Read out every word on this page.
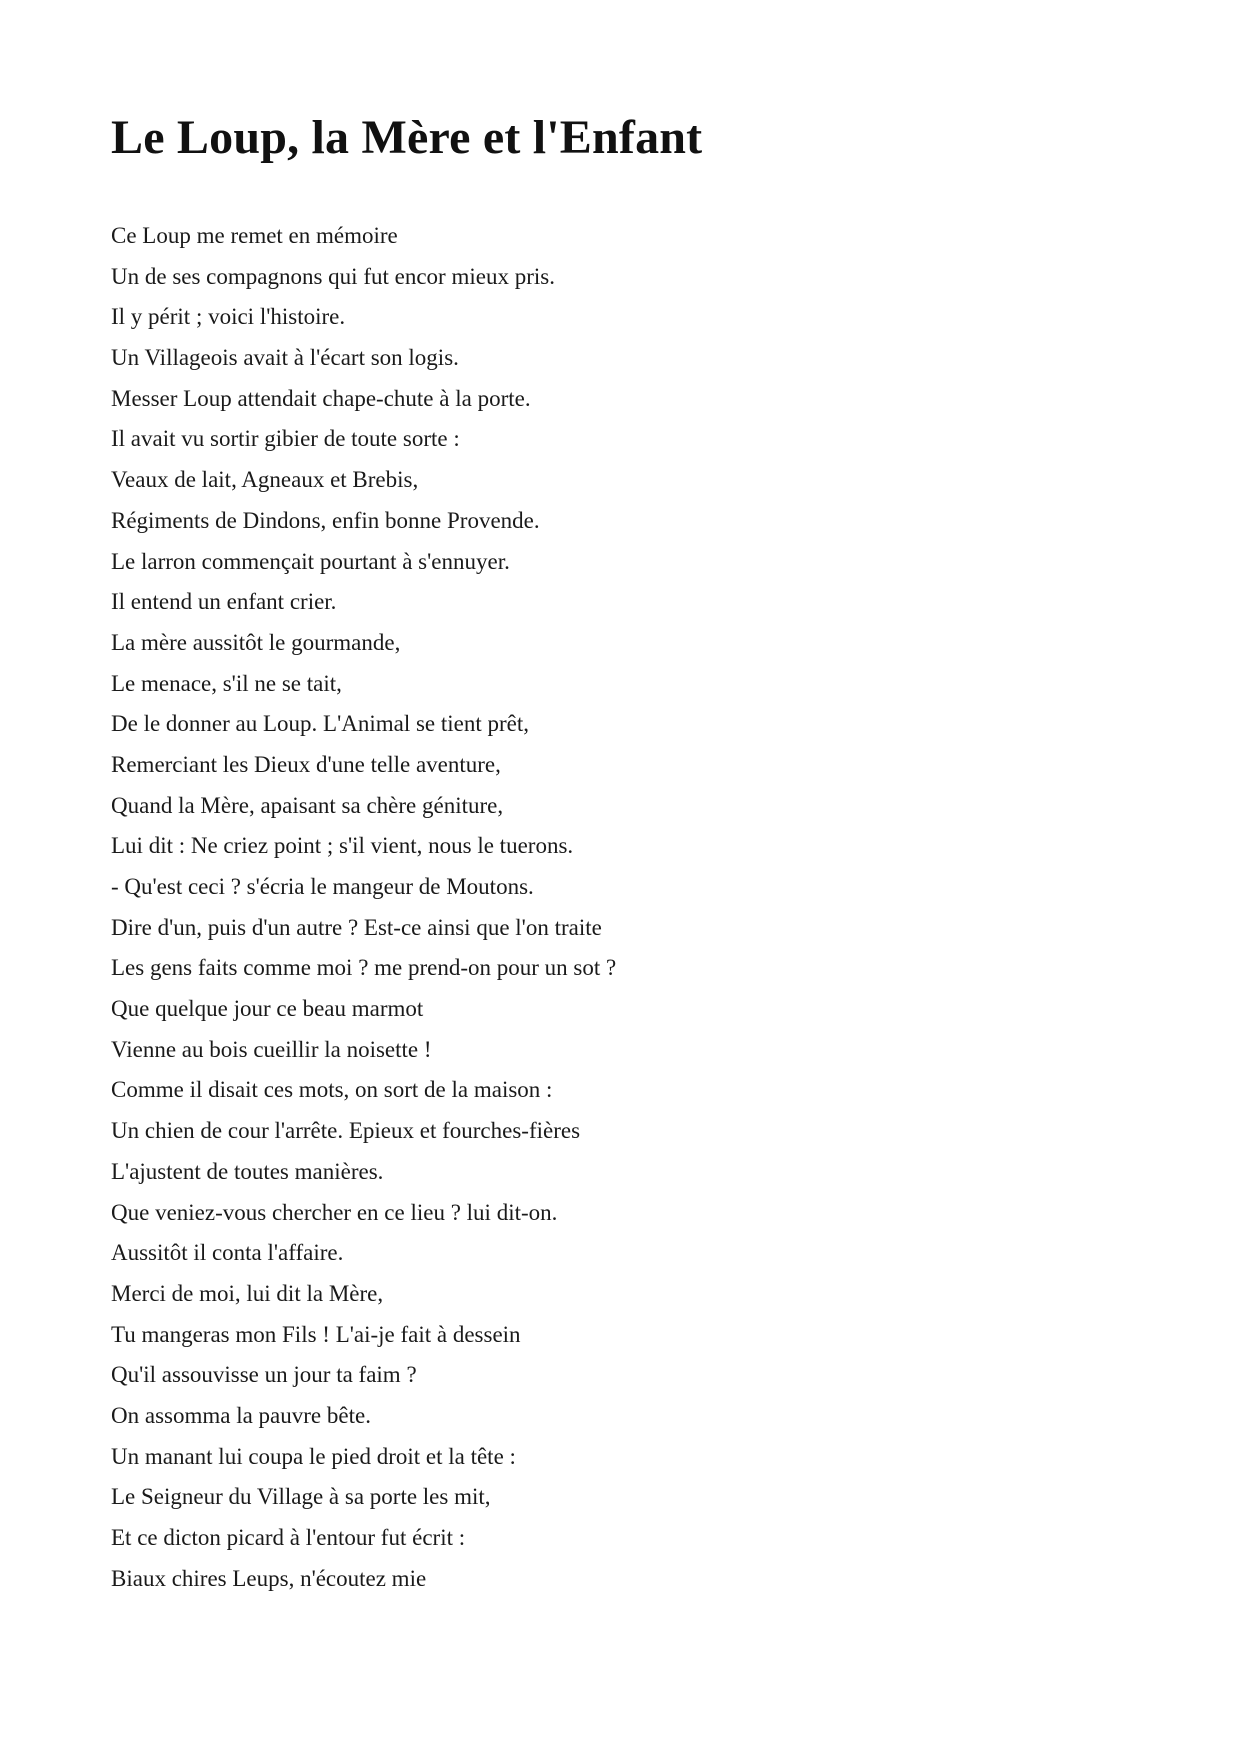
Le Loup, la Mère et l'Enfant
Ce Loup me remet en mémoire
Un de ses compagnons qui fut encor mieux pris.
Il y périt ; voici l'histoire.
Un Villageois avait à l'écart son logis.
Messer Loup attendait chape-chute à la porte.
Il avait vu sortir gibier de toute sorte :
Veaux de lait, Agneaux et Brebis,
Régiments de Dindons, enfin bonne Provende.
Le larron commençait pourtant à s'ennuyer.
Il entend un enfant crier.
La mère aussitôt le gourmande,
Le menace, s'il ne se tait,
De le donner au Loup. L'Animal se tient prêt,
Remerciant les Dieux d'une telle aventure,
Quand la Mère, apaisant sa chère géniture,
Lui dit : Ne criez point ; s'il vient, nous le tuerons.
- Qu'est ceci ? s'écria le mangeur de Moutons.
Dire d'un, puis d'un autre ? Est-ce ainsi que l'on traite
Les gens faits comme moi ? me prend-on pour un sot ?
Que quelque jour ce beau marmot
Vienne au bois cueillir la noisette !
Comme il disait ces mots, on sort de la maison :
Un chien de cour l'arrête. Epieux et fourches-fières
L'ajustent de toutes manières.
Que veniez-vous chercher en ce lieu ? lui dit-on.
Aussitôt il conta l'affaire.
Merci de moi, lui dit la Mère,
Tu mangeras mon Fils ! L'ai-je fait à dessein
Qu'il assouvisse un jour ta faim ?
On assomma la pauvre bête.
Un manant lui coupa le pied droit et la tête :
Le Seigneur du Village à sa porte les mit,
Et ce dicton picard à l'entour fut écrit :
Biaux chires Leups, n'écoutez mie
